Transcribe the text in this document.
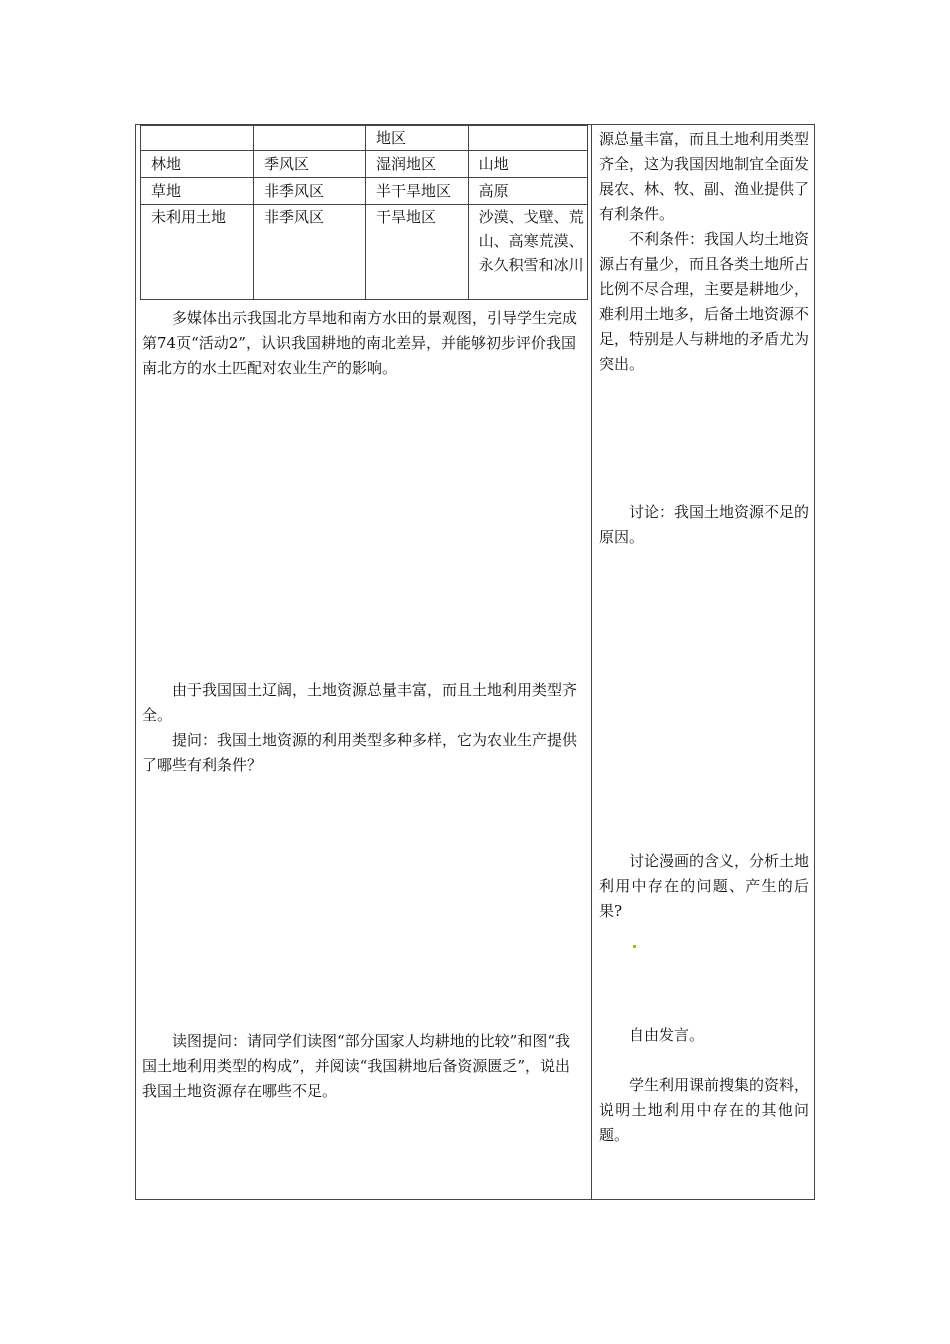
		地区	
林地	季风区	湿润地区	山地
草地	非季风区	半干旱地区	高原
未利用土地	非季风区	干旱地区	沙漠、戈壁、荒山、高寒荒漠、永久积雪和冰川

多媒体出示我国北方旱地和南方水田的景观图，引导学生完成第74页“活动2”，认识我国耕地的南北差异，并能够初步评价我国南北方的水土匹配对农业生产的影响。

由于我国国土辽阔，土地资源总量丰富，而且土地利用类型齐全。

提问：我国土地资源的利用类型多种多样，它为农业生产提供了哪些有利条件？

读图提问：请同学们读图“部分国家人均耕地的比较”和图“我国土地利用类型的构成”，并阅读“我国耕地后备资源匮乏”，说出我国土地资源存在哪些不足。

源总量丰富，而且土地利用类型齐全，这为我国因地制宜全面发展农、林、牧、副、渔业提供了有利条件。

不利条件：我国人均土地资源占有量少，而且各类土地所占比例不尽合理，主要是耕地少，难利用土地多，后备土地资源不足，特别是人与耕地的矛盾尤为突出。

讨论：我国土地资源不足的原因。

讨论漫画的含义，分析土地利用中存在的问题、产生的后果?

自由发言。

学生利用课前搜集的资料，说明土地利用中存在的其他问题。
